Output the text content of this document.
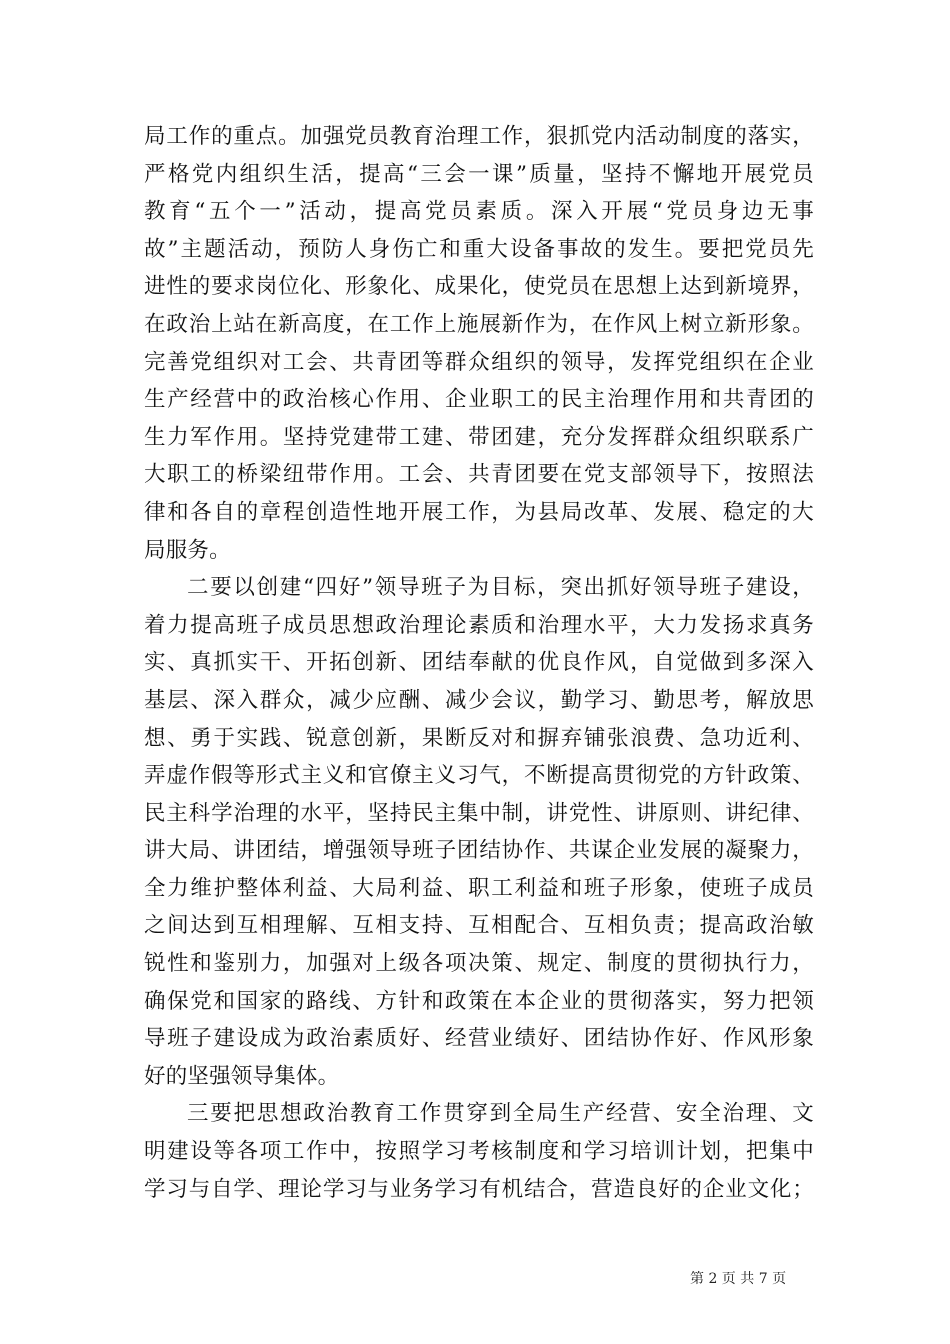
局工作的重点。加强党员教育治理工作，狠抓党内活动制度的落实，
严格党内组织生活，提高“三会一课”质量，坚持不懈地开展党员
教育“五个一”活动，提高党员素质。深入开展“党员身边无事
故”主题活动，预防人身伤亡和重大设备事故的发生。要把党员先
进性的要求岗位化、形象化、成果化，使党员在思想上达到新境界，
在政治上站在新高度，在工作上施展新作为，在作风上树立新形象。
完善党组织对工会、共青团等群众组织的领导，发挥党组织在企业
生产经营中的政治核心作用、企业职工的民主治理作用和共青团的
生力军作用。坚持党建带工建、带团建，充分发挥群众组织联系广
大职工的桥梁纽带作用。工会、共青团要在党支部领导下，按照法
律和各自的章程创造性地开展工作，为县局改革、发展、稳定的大
局服务。
二要以创建“四好”领导班子为目标，突出抓好领导班子建设，
着力提高班子成员思想政治理论素质和治理水平，大力发扬求真务
实、真抓实干、开拓创新、团结奉献的优良作风，自觉做到多深入
基层、深入群众，减少应酬、减少会议，勤学习、勤思考，解放思
想、勇于实践、锐意创新，果断反对和摒弃铺张浪费、急功近利、
弄虚作假等形式主义和官僚主义习气，不断提高贯彻党的方针政策、
民主科学治理的水平，坚持民主集中制，讲党性、讲原则、讲纪律、
讲大局、讲团结，增强领导班子团结协作、共谋企业发展的凝聚力，
全力维护整体利益、大局利益、职工利益和班子形象，使班子成员
之间达到互相理解、互相支持、互相配合、互相负责；提高政治敏
锐性和鉴别力，加强对上级各项决策、规定、制度的贯彻执行力，
确保党和国家的路线、方针和政策在本企业的贯彻落实，努力把领
导班子建设成为政治素质好、经营业绩好、团结协作好、作风形象
好的坚强领导集体。
三要把思想政治教育工作贯穿到全局生产经营、安全治理、文
明建设等各项工作中，按照学习考核制度和学习培训计划，把集中
学习与自学、理论学习与业务学习有机结合，营造良好的企业文化；
第 2 页 共 7 页
